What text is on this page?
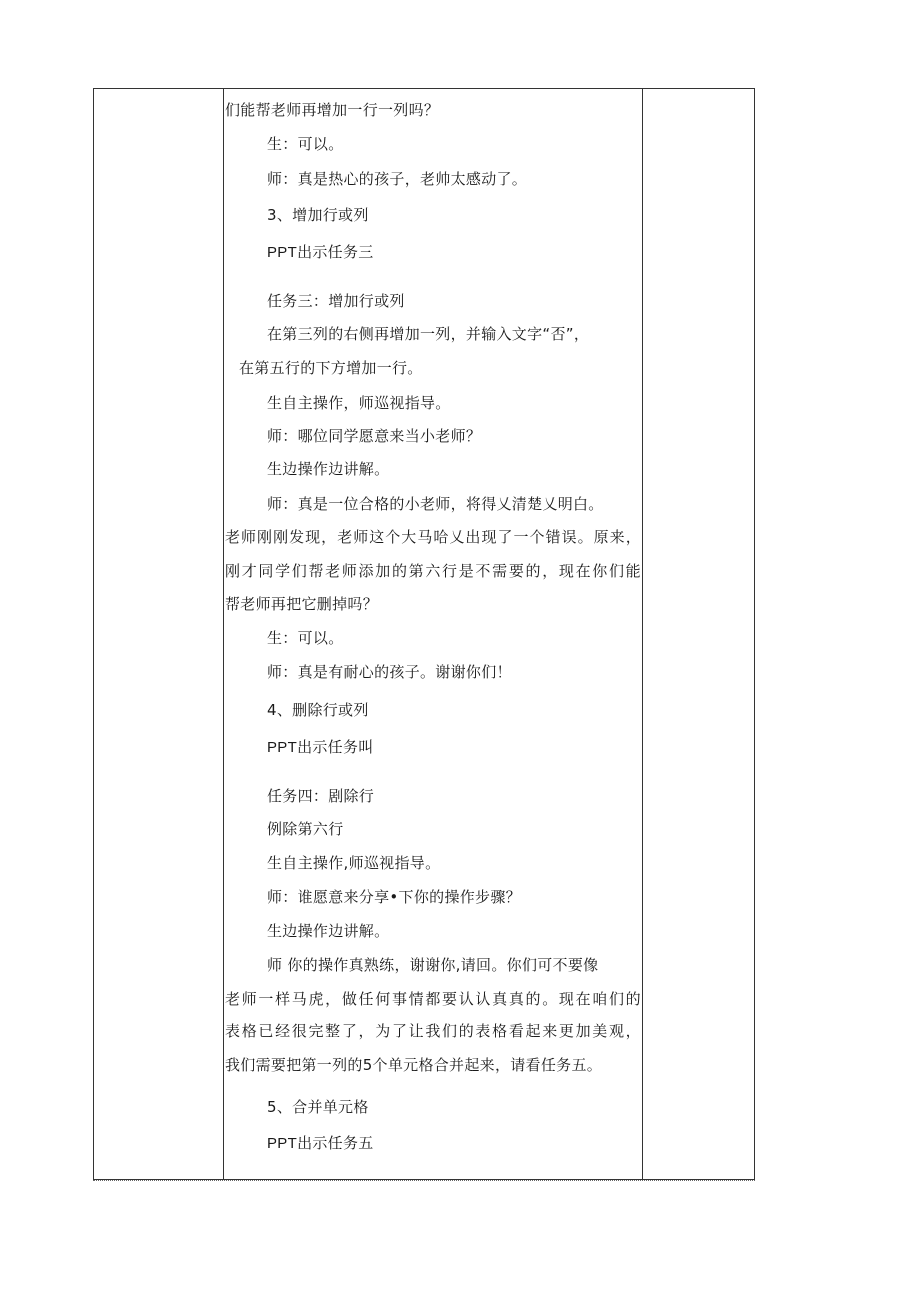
们能帮老师再增加一行一列吗？
生：可以。
师：真是热心的孩子，老帅太感动了。
3、增加行或列
PPT出示任务三
任务三：增加行或列
在第三列的右侧再增加一列，并输入文字“否”，
在第五行的下方增加一行。
生自主操作，师巡视指导。
师：哪位同学愿意来当小老师？
生边操作边讲解。
师：真是一位合格的小老师，将得乂清楚乂明白。
老师刚刚发现，老师这个大马哈乂出现了一个错误。原来，
刚才同学们帮老师添加的第六行是不需要的，现在你们能
帮老师再把它删掉吗？
生：可以。
师：真是有耐心的孩子。谢谢你们！
4、删除行或列
PPT出示任务叫
任务四：剧除行
例除第六行
生自主操作,师巡视指导。
师：谁愿意来分享•下你的操作步骤？
生边操作边讲解。
师 你的操作真熟练，谢谢你,请回。你们可不要像
老师一样马虎，做任何事情都要认认真真的。现在咱们的
表格已经很完整了，为了让我们的表格看起来更加美观，
我们需要把第一列的5个单元格合并起来，请看任务五。
5、合并单元格
PPT出示任务五
